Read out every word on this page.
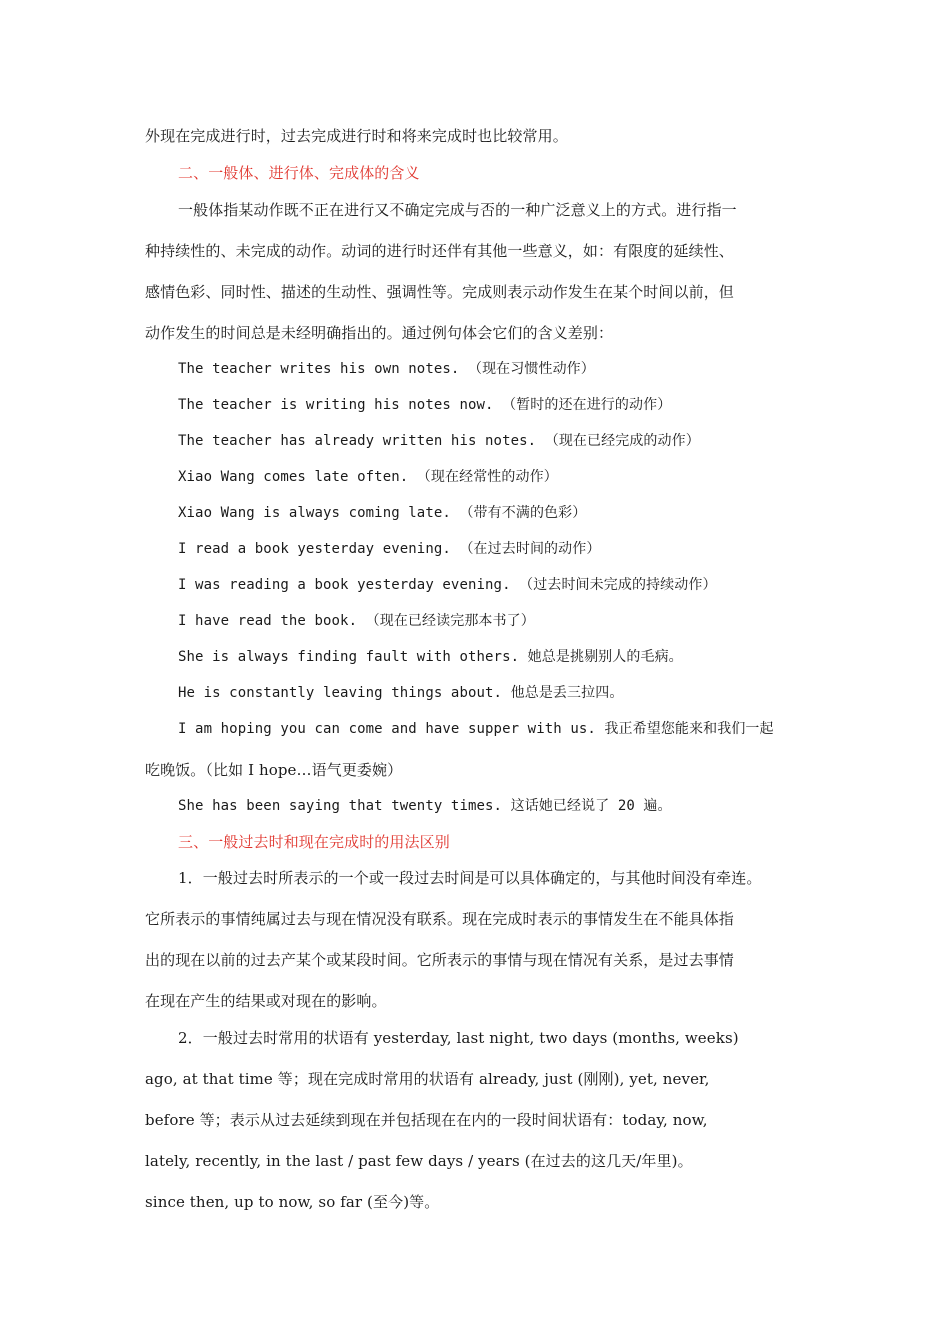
外现在完成进行时，过去完成进行时和将来完成时也比较常用。
二、一般体、进行体、完成体的含义
一般体指某动作既不正在进行又不确定完成与否的一种广泛意义上的方式。进行指一
种持续性的、未完成的动作。动词的进行时还伴有其他一些意义，如：有限度的延续性、
感情色彩、同时性、描述的生动性、强调性等。完成则表示动作发生在某个时间以前，但
动作发生的时间总是未经明确指出的。通过例句体会它们的含义差别：
The teacher writes his own notes. （现在习惯性动作）
The teacher is writing his notes now. （暂时的还在进行的动作）
The teacher has already written his notes. （现在已经完成的动作）
Xiao Wang comes late often. （现在经常性的动作）
Xiao Wang is always coming late. （带有不满的色彩）
I read a book yesterday evening. （在过去时间的动作）
I was reading a book yesterday evening. （过去时间未完成的持续动作）
I have read the book. （现在已经读完那本书了）
She is always finding fault with others. 她总是挑剔别人的毛病。
He is constantly leaving things about. 他总是丢三拉四。
I am hoping you can come and have supper with us. 我正希望您能来和我们一起
吃晚饭。（比如 I hope…语气更委婉）
She has been saying that twenty times. 这话她已经说了 20 遍。
三、一般过去时和现在完成时的用法区别
1．一般过去时所表示的一个或一段过去时间是可以具体确定的，与其他时间没有牵连。
它所表示的事情纯属过去与现在情况没有联系。现在完成时表示的事情发生在不能具体指
出的现在以前的过去产某个或某段时间。它所表示的事情与现在情况有关系，是过去事情
在现在产生的结果或对现在的影响。
2．一般过去时常用的状语有 yesterday, last night, two days (months, weeks)
ago, at that time 等；现在完成时常用的状语有 already, just (刚刚), yet, never,
before 等；表示从过去延续到现在并包括现在在内的一段时间状语有：today, now,
lately, recently, in the last / past few days / years (在过去的这几天/年里)。
since then, up to now, so far (至今)等。
